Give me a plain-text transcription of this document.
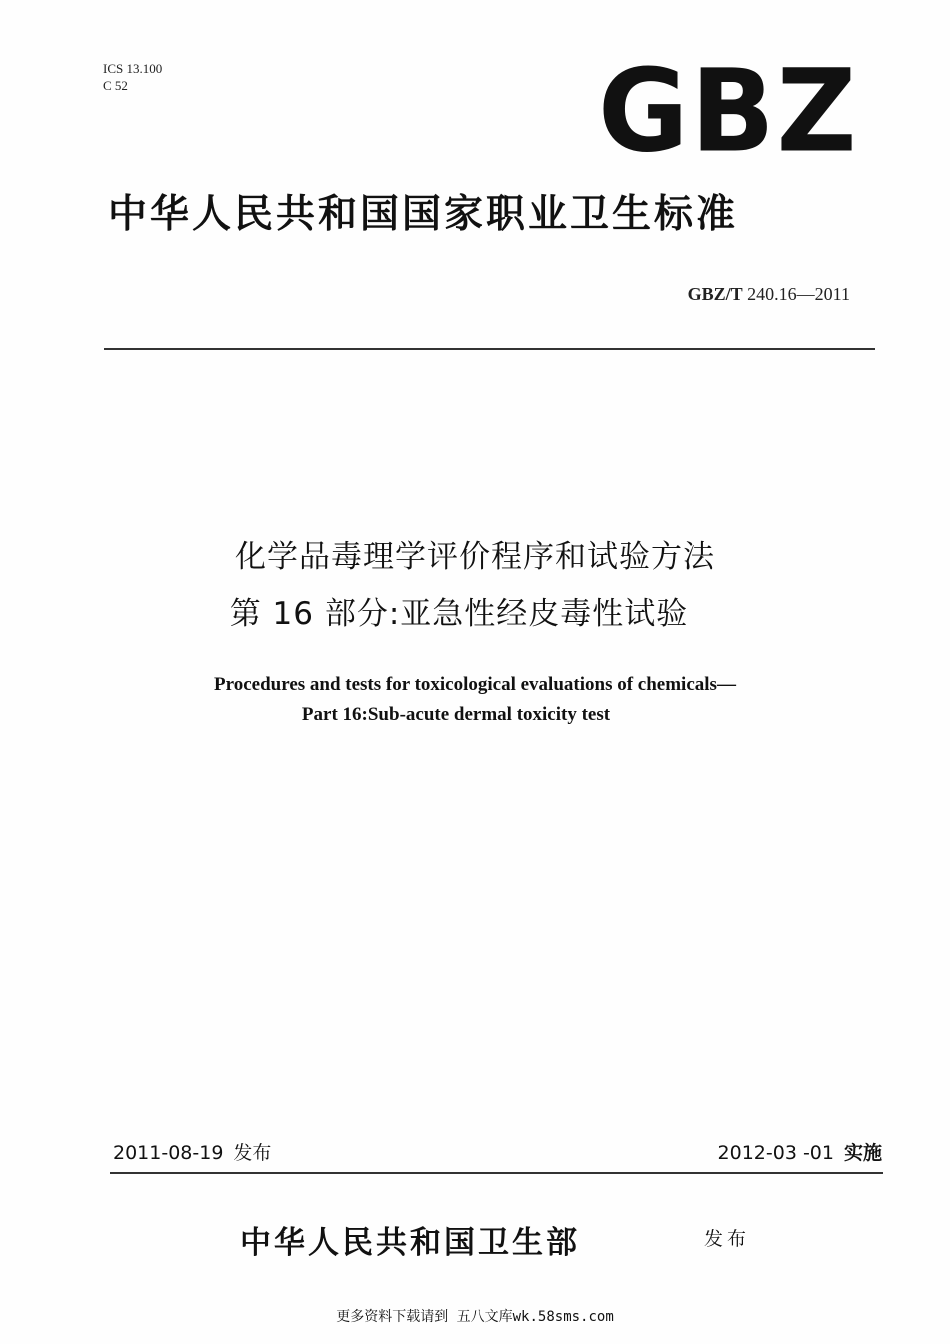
ICS 13.100
C 52	GBZ
中华人民共和国国家职业卫生标准
GBZ/T 240.16—2011
化学品毒理学评价程序和试验方法
第 16 部分:亚急性经皮毒性试验
Procedures and tests for toxicological evaluations of chemicals—
Part 16:Sub-acute dermal toxicity test
2011-08-19 发布	2012-03 -01 实施
中华人民共和国卫生部	发布
更多资料下载请到 五八文库wk.58sms.com
